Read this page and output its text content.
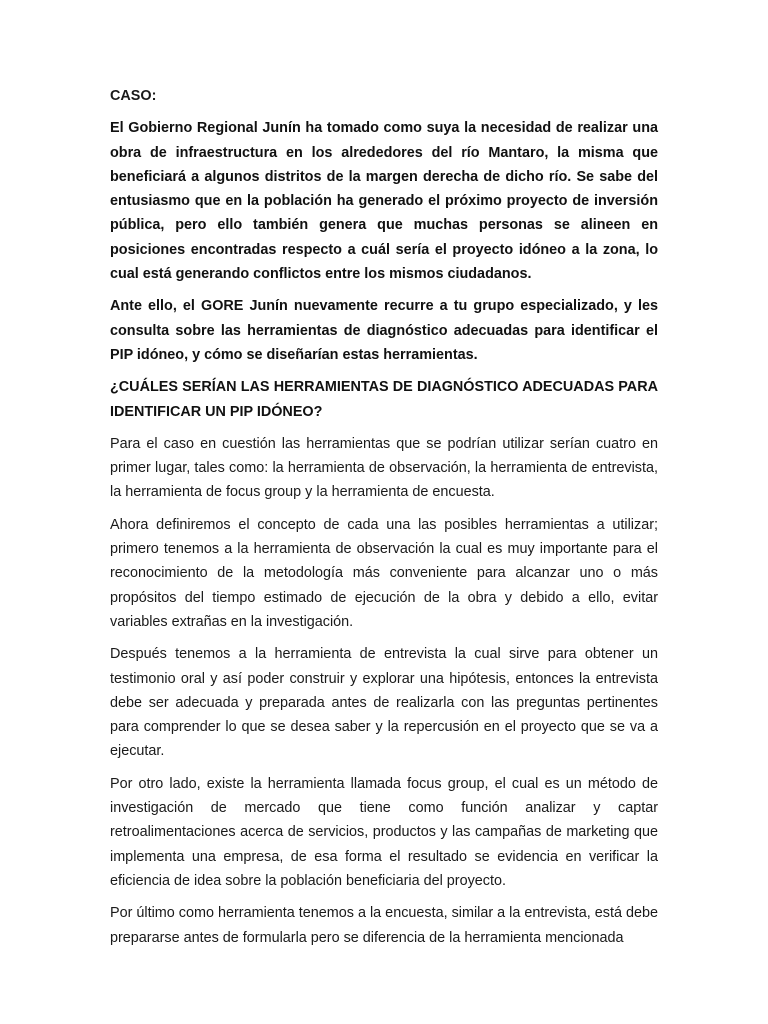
CASO:

El Gobierno Regional Junín ha tomado como suya la necesidad de realizar una obra de infraestructura en los alrededores del río Mantaro, la misma que beneficiará a algunos distritos de la margen derecha de dicho río. Se sabe del entusiasmo que en la población ha generado el próximo proyecto de inversión pública, pero ello también genera que muchas personas se alineen en posiciones encontradas respecto a cuál sería el proyecto idóneo a la zona, lo cual está generando conflictos entre los mismos ciudadanos.

Ante ello, el GORE Junín nuevamente recurre a tu grupo especializado, y les consulta sobre las herramientas de diagnóstico adecuadas para identificar el PIP idóneo, y cómo se diseñarían estas herramientas.

¿CUÁLES SERÍAN LAS HERRAMIENTAS DE DIAGNÓSTICO ADECUADAS PARA IDENTIFICAR UN PIP IDÓNEO?

Para el caso en cuestión las herramientas que se podrían utilizar serían cuatro en primer lugar, tales como: la herramienta de observación, la herramienta de entrevista, la herramienta de focus group y la herramienta de encuesta.

Ahora definiremos el concepto de cada una las posibles herramientas a utilizar; primero tenemos a la herramienta de observación la cual es muy importante para el reconocimiento de la metodología más conveniente para alcanzar uno o más propósitos del tiempo estimado de ejecución de la obra y debido a ello, evitar variables extrañas en la investigación.

Después tenemos a la herramienta de entrevista la cual sirve para obtener un testimonio oral y así poder construir y explorar una hipótesis, entonces la entrevista debe ser adecuada y preparada antes de realizarla con las preguntas pertinentes para comprender lo que se desea saber y la repercusión en el proyecto que se va a ejecutar.

Por otro lado, existe la herramienta llamada focus group, el cual es un método de investigación de mercado que tiene como función analizar y captar retroalimentaciones acerca de servicios, productos y las campañas de marketing que implementa una empresa, de esa forma el resultado se evidencia en verificar la eficiencia de idea sobre la población beneficiaria del proyecto.

Por último como herramienta tenemos a la encuesta, similar a la entrevista, está debe prepararse antes de formularla pero se diferencia de la herramienta mencionada
